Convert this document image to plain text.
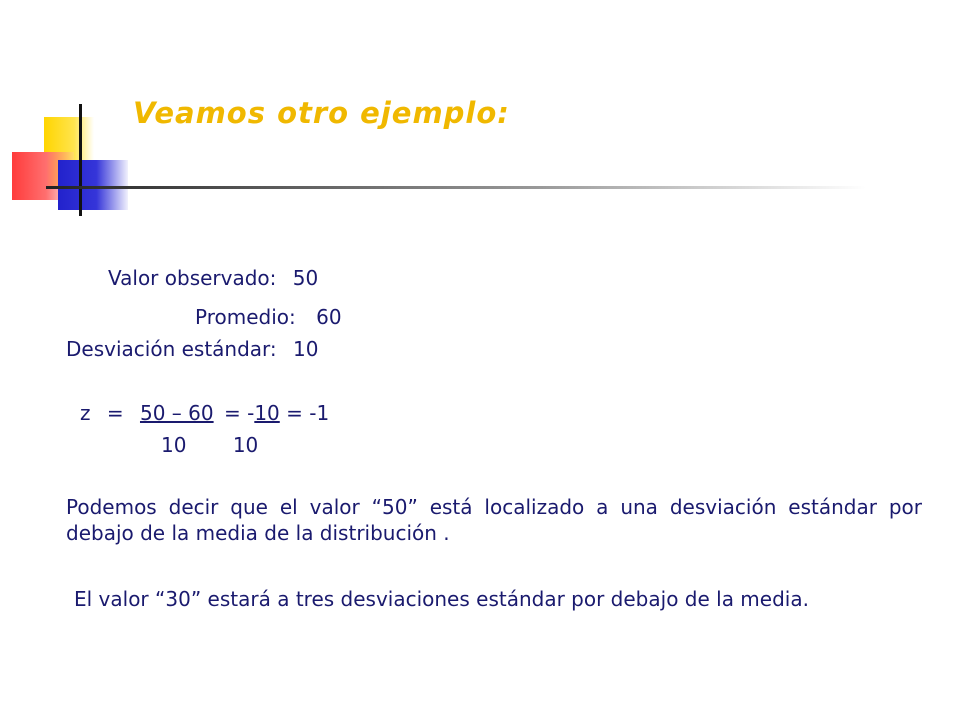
Veamos otro ejemplo:
Valor observado: 50
Promedio: 60
Desviación estándar: 10
z = 50 – 60 = -10 = -1
10 10
Podemos decir que el valor “50” está localizado a una desviación estándar por debajo de la media de la distribución .
El valor “30” estará a tres desviaciones estándar por debajo de la media.
